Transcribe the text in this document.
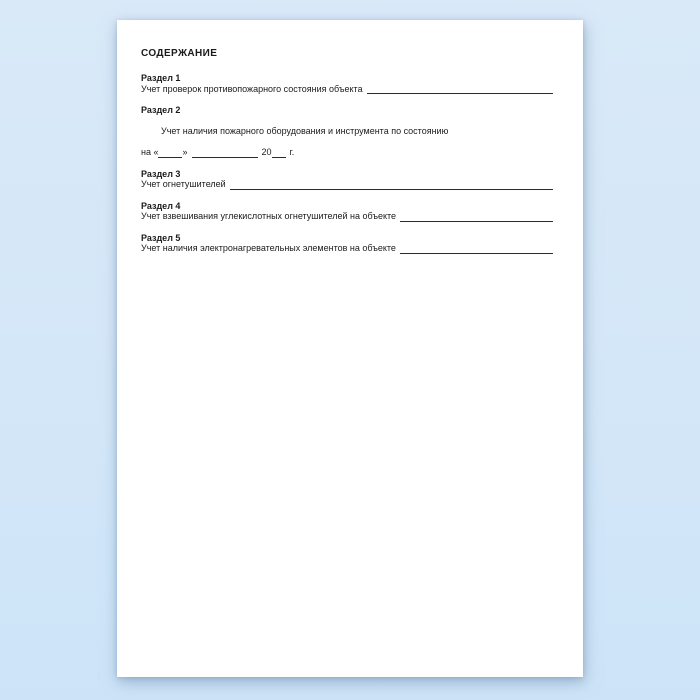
СОДЕРЖАНИЕ
Раздел 1
Учет проверок противопожарного состояния объекта
Раздел 2

Учет наличия пожарного оборудования и инструмента по состоянию

на «	»	20 г.
Раздел 3
Учет огнетушителей
Раздел 4
Учет взвешивания углекислотных огнетушителей на объекте
Раздел 5
Учет наличия электронагревательных элементов на объекте
